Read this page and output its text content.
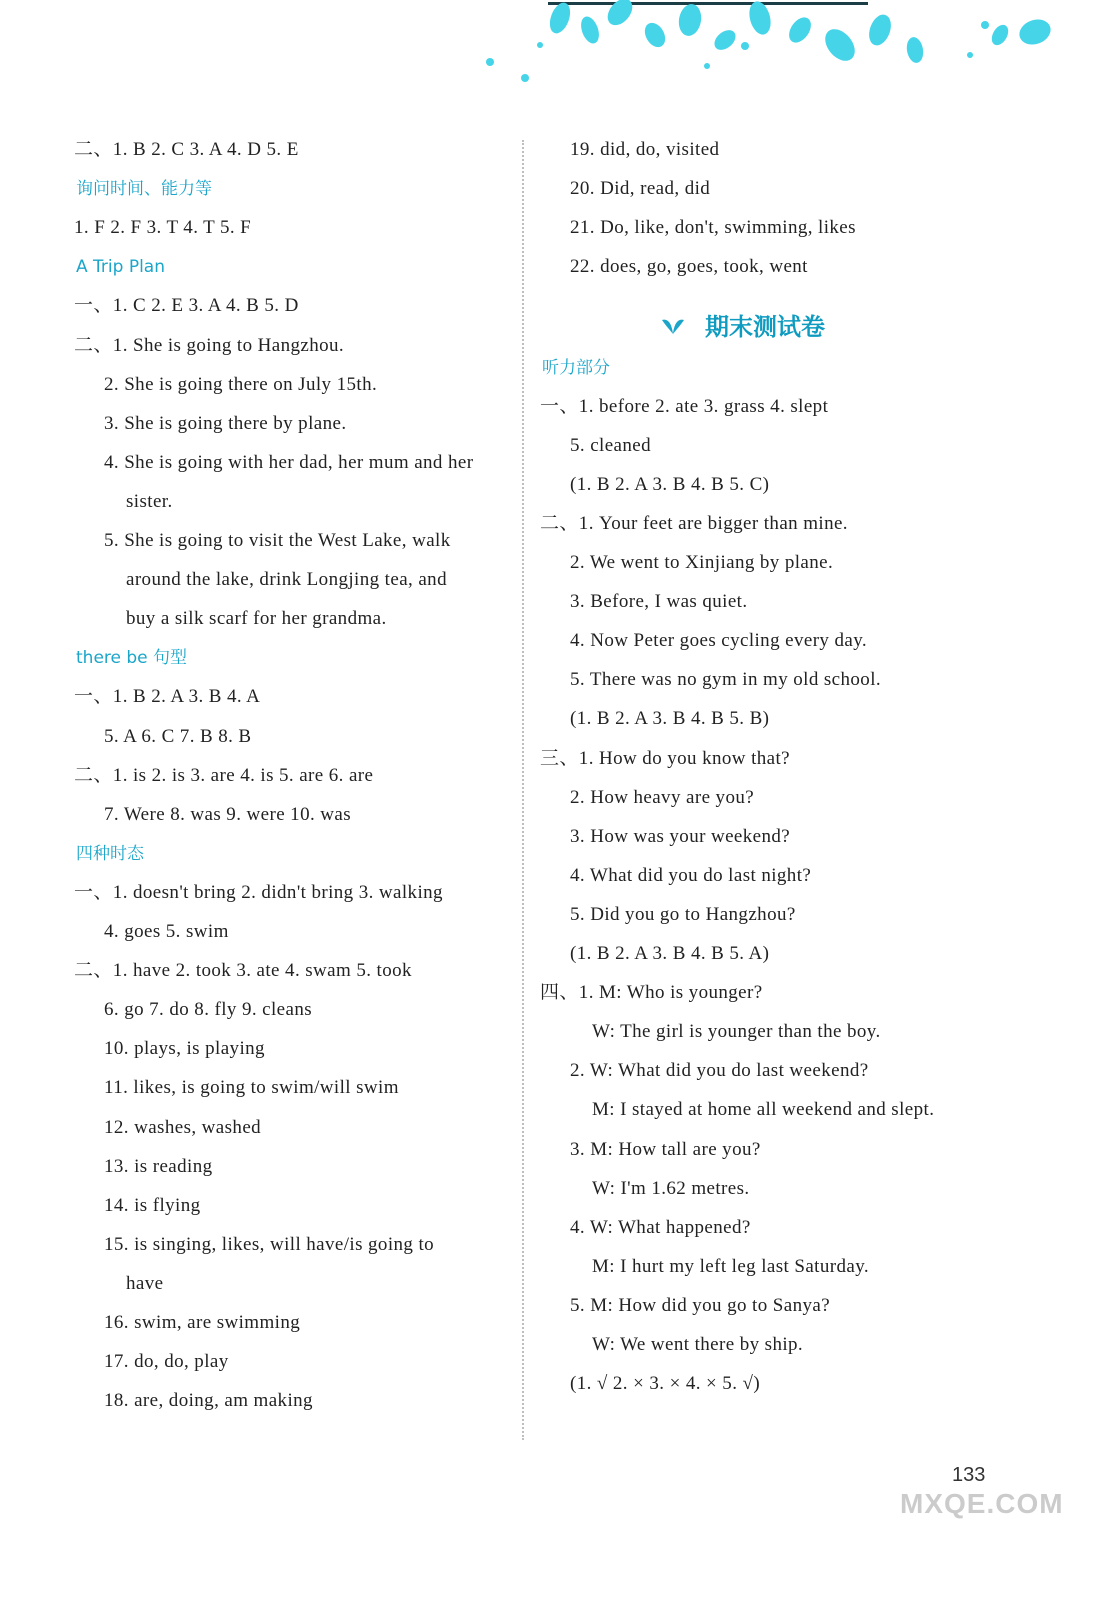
二、1. B 2. C 3. A 4. D 5. E
询问时间、能力等
1. F 2. F 3. T 4. T 5. F
A Trip Plan
一、1. C 2. E 3. A 4. B 5. D
二、1. She is going to Hangzhou.
2. She is going there on July 15th.
3. She is going there by plane.
4. She is going with her dad, her mum and her
sister.
5. She is going to visit the West Lake, walk
around the lake, drink Longjing tea, and
buy a silk scarf for her grandma.
there be 句型
一、1. B 2. A 3. B 4. A
5. A 6. C 7. B 8. B
二、1. is 2. is 3. are 4. is 5. are 6. are
7. Were 8. was 9. were 10. was
四种时态
一、1. doesn't bring 2. didn't bring 3. walking
4. goes 5. swim
二、1. have 2. took 3. ate 4. swam 5. took
6. go 7. do 8. fly 9. cleans
10. plays, is playing
11. likes, is going to swim/will swim
12. washes, washed
13. is reading
14. is flying
15. is singing, likes, will have/is going to
have
16. swim, are swimming
17. do, do, play
18. are, doing, am making
19. did, do, visited
20. Did, read, did
21. Do, like, don't, swimming, likes
22. does, go, goes, took, went
期末测试卷
听力部分
一、1. before 2. ate 3. grass 4. slept
5. cleaned
(1. B 2. A 3. B 4. B 5. C)
二、1. Your feet are bigger than mine.
2. We went to Xinjiang by plane.
3. Before, I was quiet.
4. Now Peter goes cycling every day.
5. There was no gym in my old school.
(1. B 2. A 3. B 4. B 5. B)
三、1. How do you know that?
2. How heavy are you?
3. How was your weekend?
4. What did you do last night?
5. Did you go to Hangzhou?
(1. B 2. A 3. B 4. B 5. A)
四、1. M: Who is younger?
W: The girl is younger than the boy.
2. W: What did you do last weekend?
M: I stayed at home all weekend and slept.
3. M: How tall are you?
W: I'm 1.62 metres.
4. W: What happened?
M: I hurt my left leg last Saturday.
5. M: How did you go to Sanya?
W: We went there by ship.
(1. √ 2. × 3. × 4. × 5. √)
133
MXQE.COM
